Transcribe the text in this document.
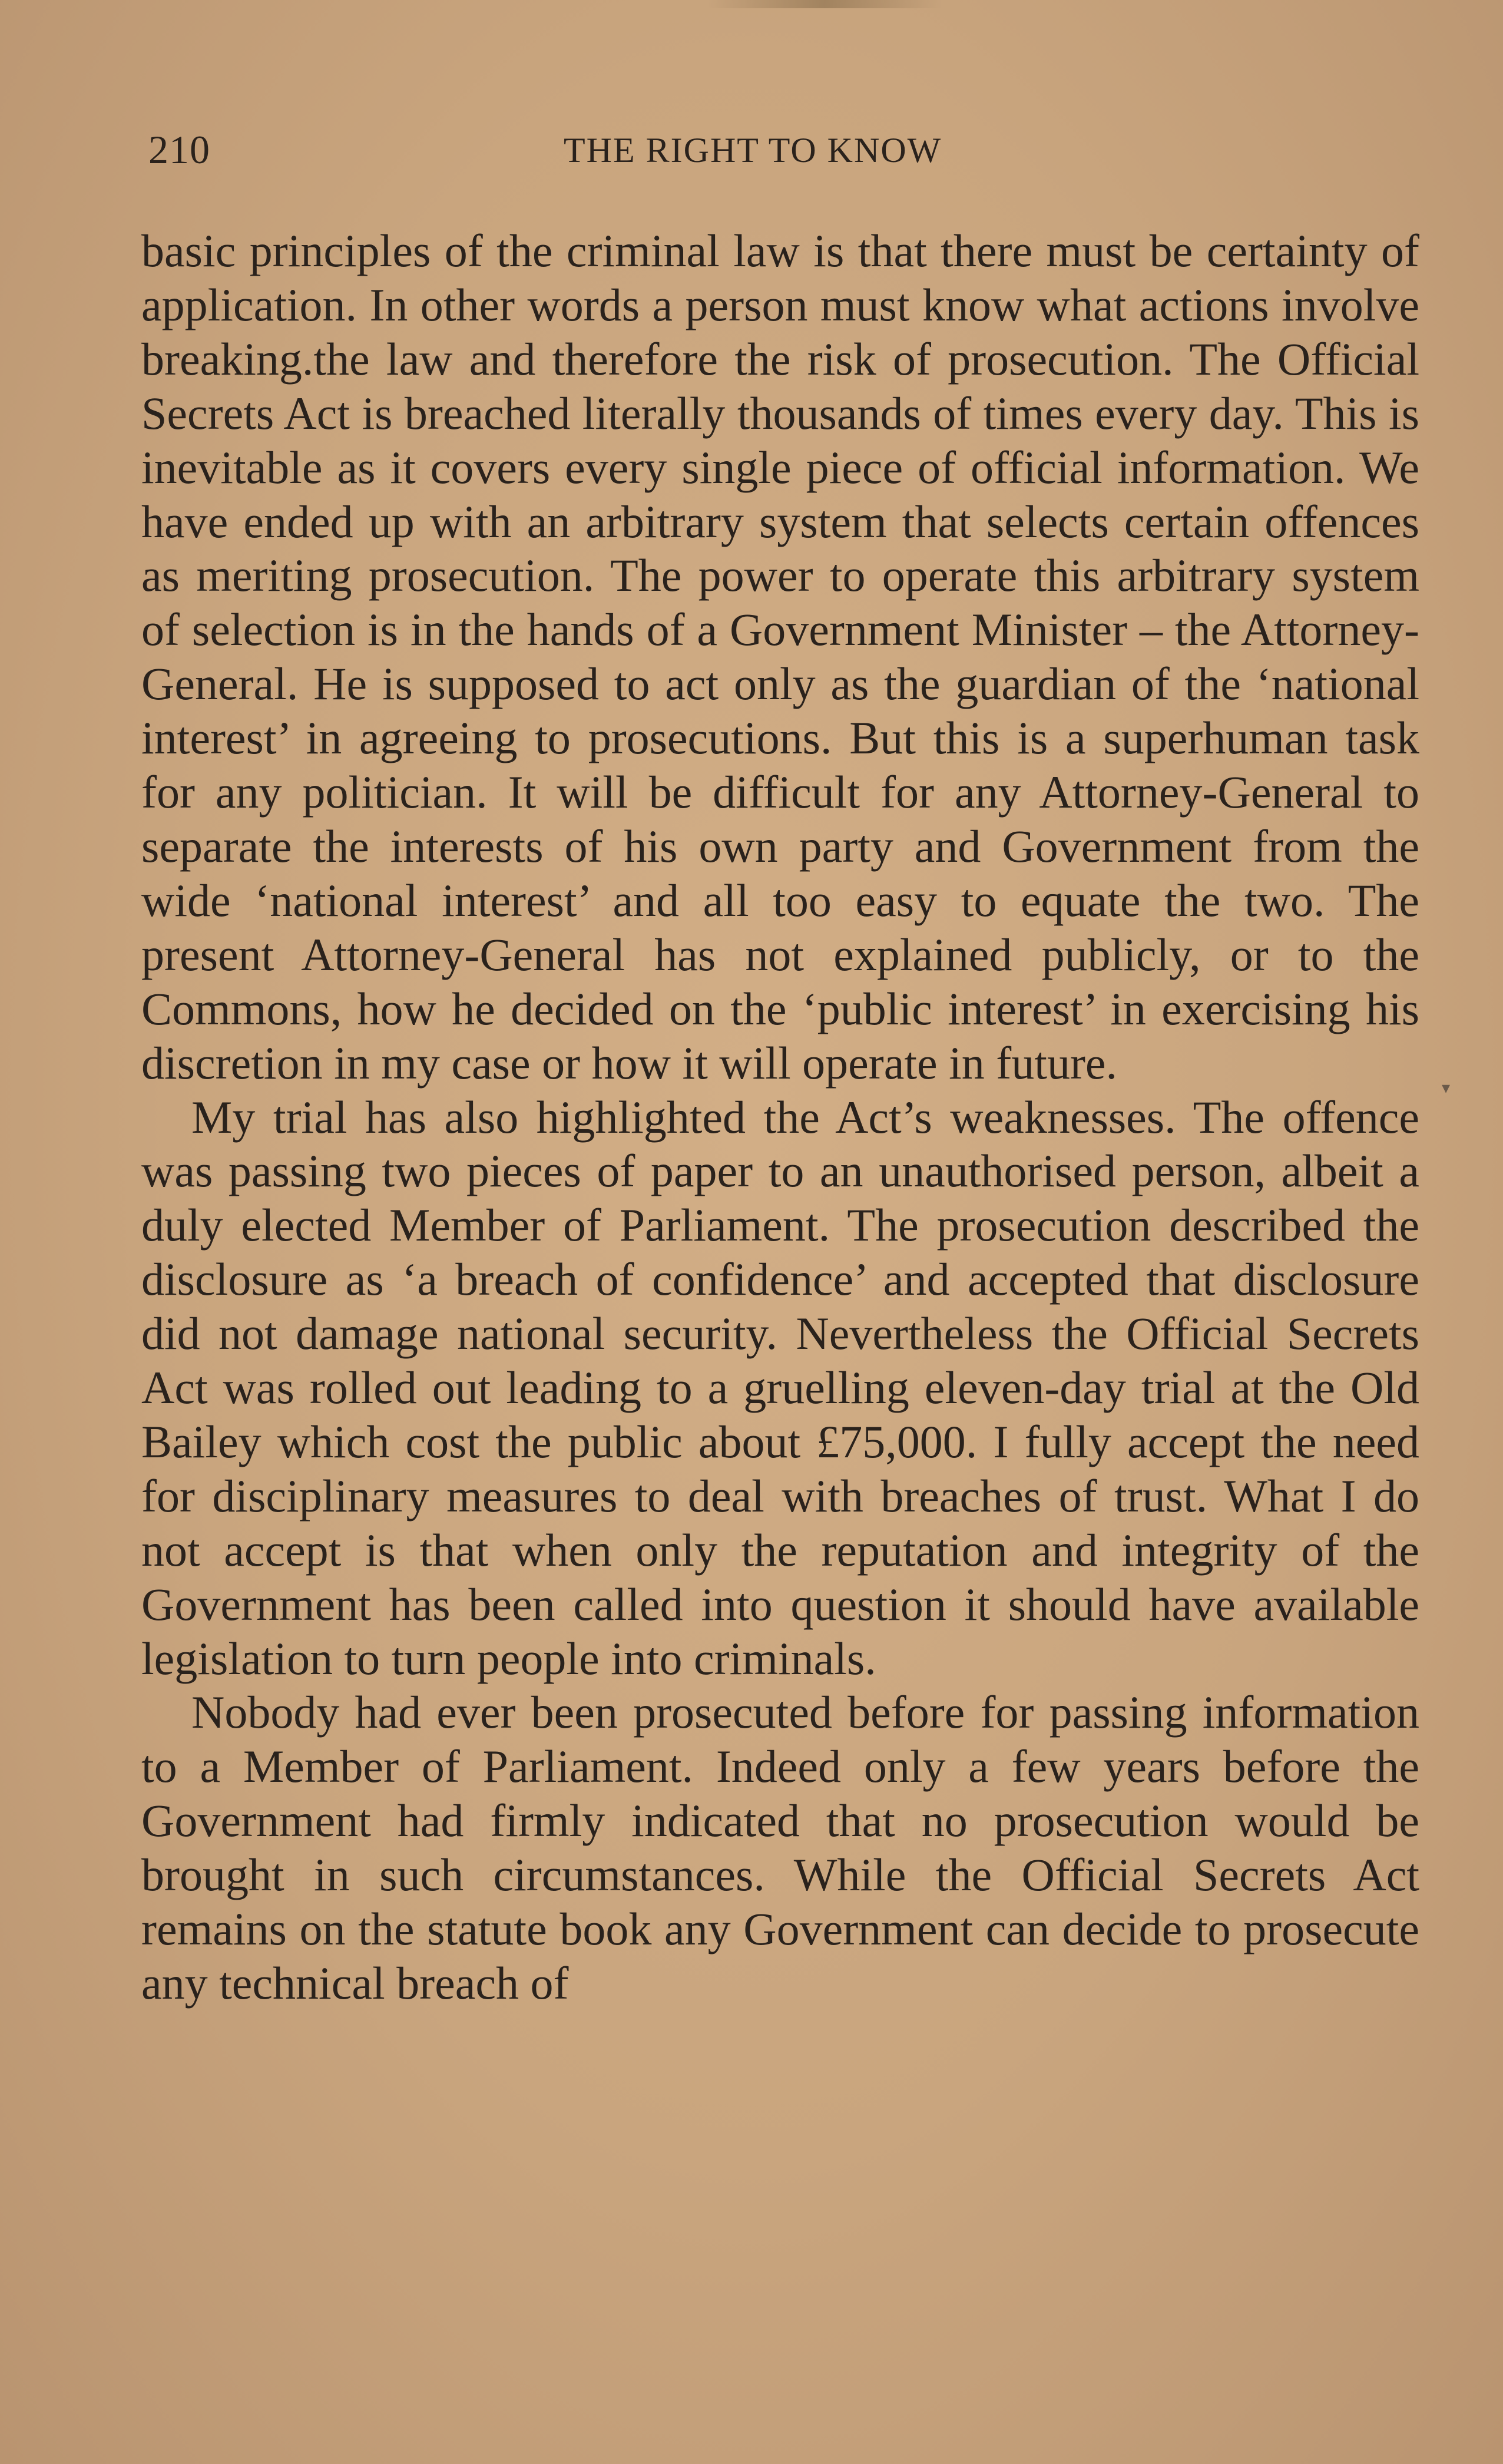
210	THE RIGHT TO KNOW

basic principles of the criminal law is that there must be certainty of application. In other words a person must know what actions involve breaking.the law and therefore the risk of prosecution. The Official Secrets Act is breached literally thousands of times every day. This is inevitable as it covers every single piece of official information. We have ended up with an arbitrary system that selects certain offences as meriting prosecution. The power to operate this arbitrary system of selection is in the hands of a Government Minister – the Attorney-General. He is supposed to act only as the guardian of the ‘national interest’ in agreeing to prosecutions. But this is a superhuman task for any politician. It will be difficult for any Attorney-General to separate the interests of his own party and Government from the wide ‘national interest’ and all too easy to equate the two. The present Attorney-General has not explained publicly, or to the Commons, how he decided on the ‘public interest’ in exercising his discretion in my case or how it will operate in future.

My trial has also highlighted the Act’s weaknesses. The offence was passing two pieces of paper to an unauthorised person, albeit a duly elected Member of Parliament. The prosecution described the disclosure as ‘a breach of confidence’ and accepted that disclosure did not damage national security. Nevertheless the Official Secrets Act was rolled out leading to a gruelling eleven-day trial at the Old Bailey which cost the public about £75,000. I fully accept the need for disciplinary measures to deal with breaches of trust. What I do not accept is that when only the reputation and integrity of the Government has been called into question it should have available legislation to turn people into criminals.

Nobody had ever been prosecuted before for passing information to a Member of Parliament. Indeed only a few years before the Government had firmly indicated that no prosecution would be brought in such circumstances. While the Official Secrets Act remains on the statute book any Government can decide to prosecute any technical breach of

▾
